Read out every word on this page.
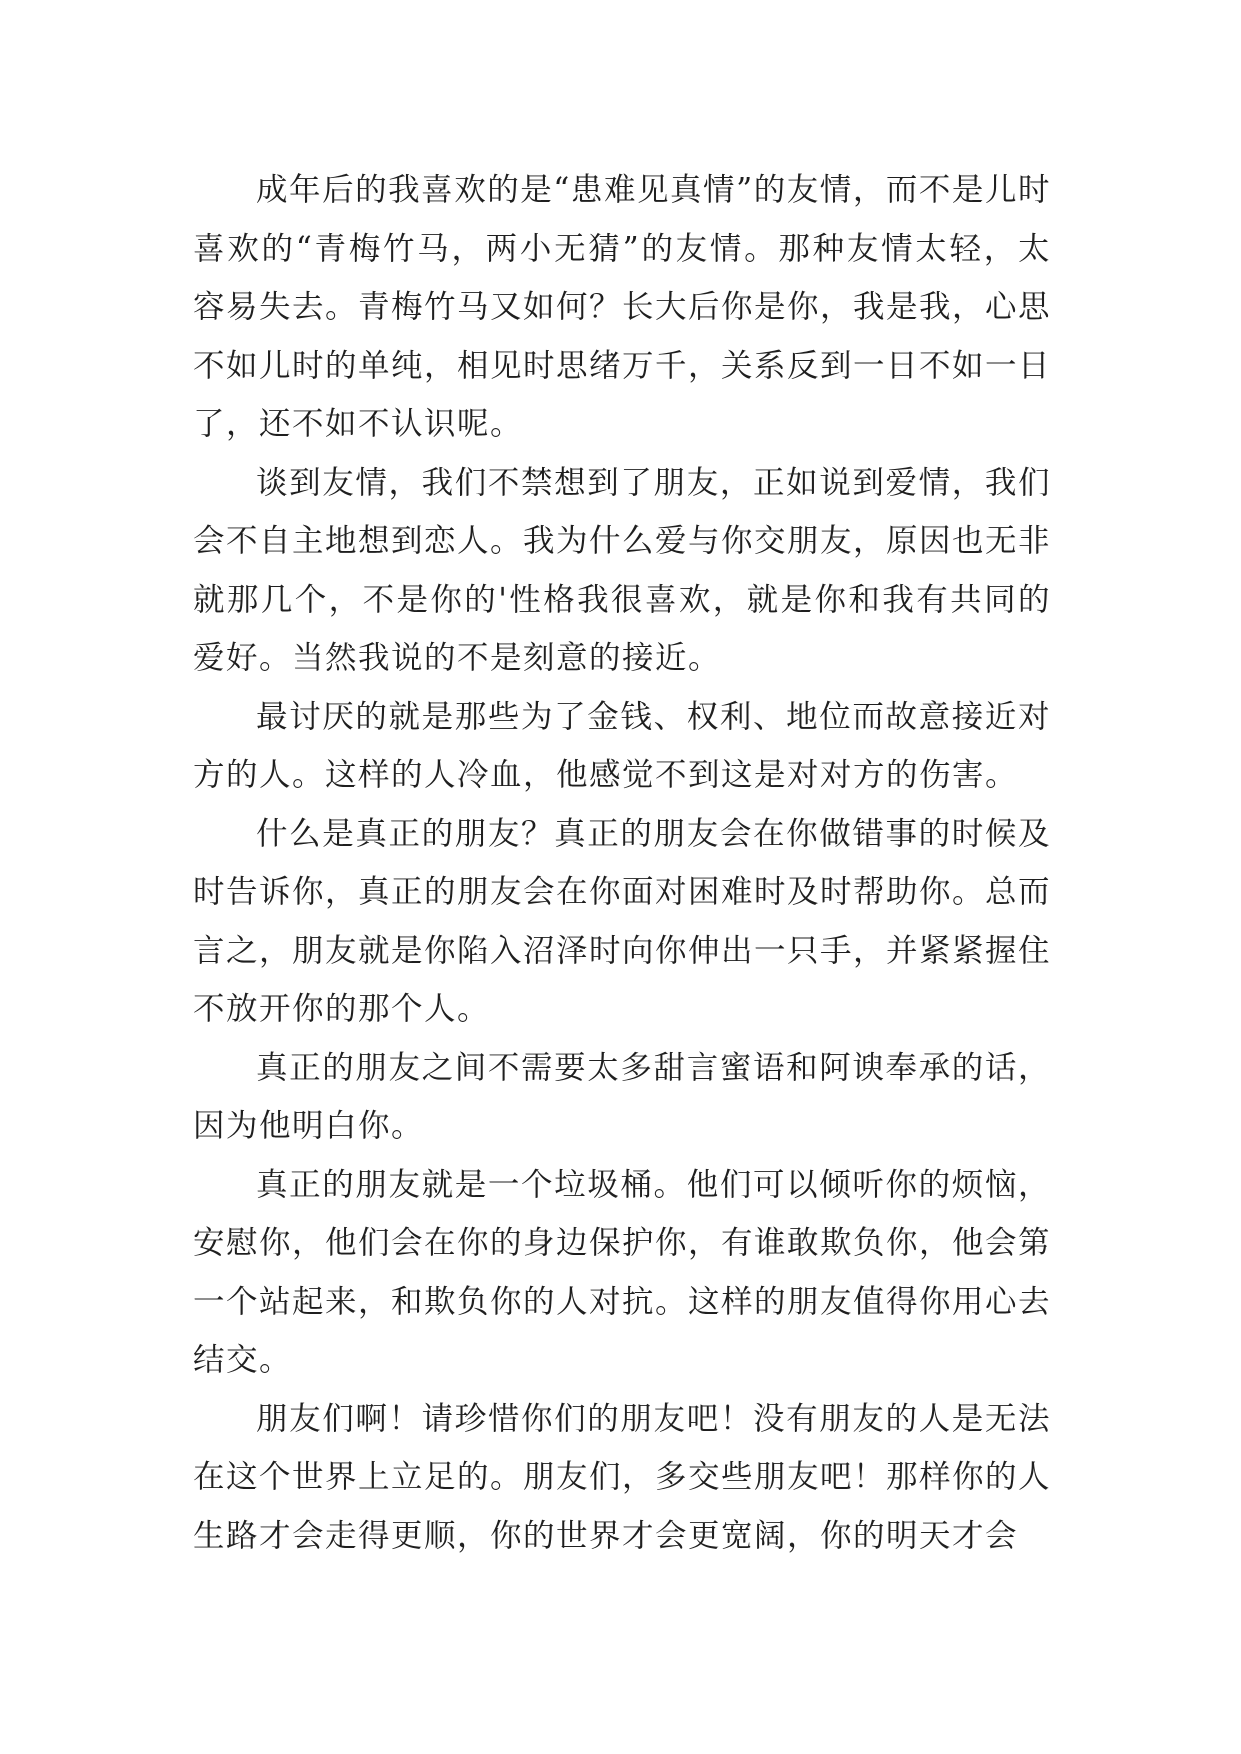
成年后的我喜欢的是“患难见真情”的友情，而不是儿时喜欢的“青梅竹马，两小无猜”的友情。那种友情太轻，太容易失去。青梅竹马又如何？长大后你是你，我是我，心思不如儿时的单纯，相见时思绪万千，关系反到一日不如一日了，还不如不认识呢。

谈到友情，我们不禁想到了朋友，正如说到爱情，我们会不自主地想到恋人。我为什么爱与你交朋友，原因也无非就那几个，不是你的'性格我很喜欢，就是你和我有共同的爱好。当然我说的不是刻意的接近。

最讨厌的就是那些为了金钱、权利、地位而故意接近对方的人。这样的人冷血，他感觉不到这是对对方的伤害。

什么是真正的朋友？真正的朋友会在你做错事的时候及时告诉你，真正的朋友会在你面对困难时及时帮助你。总而言之，朋友就是你陷入沼泽时向你伸出一只手，并紧紧握住不放开你的那个人。

真正的朋友之间不需要太多甜言蜜语和阿谀奉承的话，因为他明白你。

真正的朋友就是一个垃圾桶。他们可以倾听你的烦恼，安慰你，他们会在你的身边保护你，有谁敢欺负你，他会第一个站起来，和欺负你的人对抗。这样的朋友值得你用心去结交。

朋友们啊！请珍惜你们的朋友吧！没有朋友的人是无法在这个世界上立足的。朋友们，多交些朋友吧！那样你的人生路才会走得更顺，你的世界才会更宽阔，你的明天才会
